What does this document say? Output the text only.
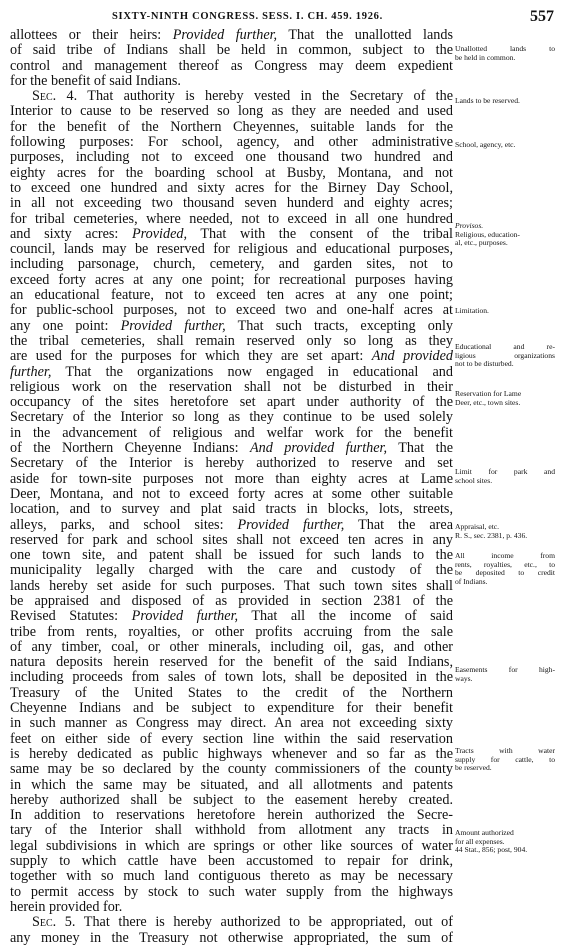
SIXTY-NINTH CONGRESS. SESS. I. CH. 459. 1926.	557
allottees or their heirs: Provided further, That the unallotted lands
of said tribe of Indians shall be held in common, subject to the
control and management thereof as Congress may deem expedient
for the benefit of said Indians.
Sec. 4. That authority is hereby vested in the Secretary of the
Interior to cause to be reserved so long as they are needed and used
for the benefit of the Northern Cheyennes, suitable lands for the
following purposes: For school, agency, and other administrative
purposes, including not to exceed one thousand two hundred and
eighty acres for the boarding school at Busby, Montana, and not
to exceed one hundred and sixty acres for the Birney Day School,
in all not exceeding two thousand seven hunderd and eighty acres;
for tribal cemeteries, where needed, not to exceed in all one hundred
and sixty acres: Provided, That with the consent of the tribal
council, lands may be reserved for religious and educational purposes,
including parsonage, church, cemetery, and garden sites, not to
exceed forty acres at any one point; for recreational purposes having
an educational feature, not to exceed ten acres at any one point;
for public-school purposes, not to exceed two and one-half acres at
any one point: Provided further, That such tracts, excepting only
the tribal cemeteries, shall remain reserved only so long as they
are used for the purposes for which they are set apart: And provided
further, That the organizations now engaged in educational and
religious work on the reservation shall not be disturbed in their
occupancy of the sites heretofore set apart under authority of the
Secretary of the Interior so long as they continue to be used solely
in the advancement of religious and welfar work for the benefit
of the Northern Cheyenne Indians: And provided further, That the
Secretary of the Interior is hereby authorized to reserve and set
aside for town-site purposes not more than eighty acres at Lame
Deer, Montana, and not to exceed forty acres at some other suitable
location, and to survey and plat said tracts in blocks, lots, streets,
alleys, parks, and school sites: Provided further, That the area
reserved for park and school sites shall not exceed ten acres in any
one town site, and patent shall be issued for such lands to the
municipality legally charged with the care and custody of the
lands hereby set aside for such purposes. That such town sites shall
be appraised and disposed of as provided in section 2381 of the
Revised Statutes: Provided further, That all the income of said
tribe from rents, royalties, or other profits accruing from the sale
of any timber, coal, or other minerals, including oil, gas, and other
natura deposits herein reserved for the benefit of the said Indians,
including proceeds from sales of town lots, shall be deposited in the
Treasury of the United States to the credit of the Northern
Cheyenne Indians and be subject to expenditure for their benefit
in such manner as Congress may direct. An area not exceeding sixty
feet on either side of every section line within the said reservation
is hereby dedicated as public highways whenever and so far as the
same may be so declared by the county commissioners of the county
in which the same may be situated, and all allotments and patents
hereby authorized shall be subject to the easement hereby created.
In addition to reservations heretofore herein authorized the Secre-
tary of the Interior shall withhold from allotment any tracts in
legal subdivisions in which are springs or other like sources of water
supply to which cattle have been accustomed to repair for drink,
together with so much land contiguous thereto as may be necessary
to permit access by stock to such water supply from the highways
herein provided for.
Sec. 5. That there is hereby authorized to be appropriated, out of
any money in the Treasury not otherwise appropriated, the sum of
Unallotted lands to
be held in common.
Lands to be reserved.
School, agency, etc.
Provisos.
Religious, education-
al, etc., purposes.
Limitation.
Educational and re-
ligious organizations
not to be disturbed.
Reservation for Lame
Deer, etc., town sites.
Limit for park and
school sites.
Appraisal, etc.
R. S., sec. 2381, p. 436.
All income from
rents, royalties, etc., to
be deposited to credit
of Indians.
Easements for high-
ways.
Tracts with water
supply for cattle, to
be reserved.
Amount authorized
for all expenses.
44 Stat., 856; post, 904.
